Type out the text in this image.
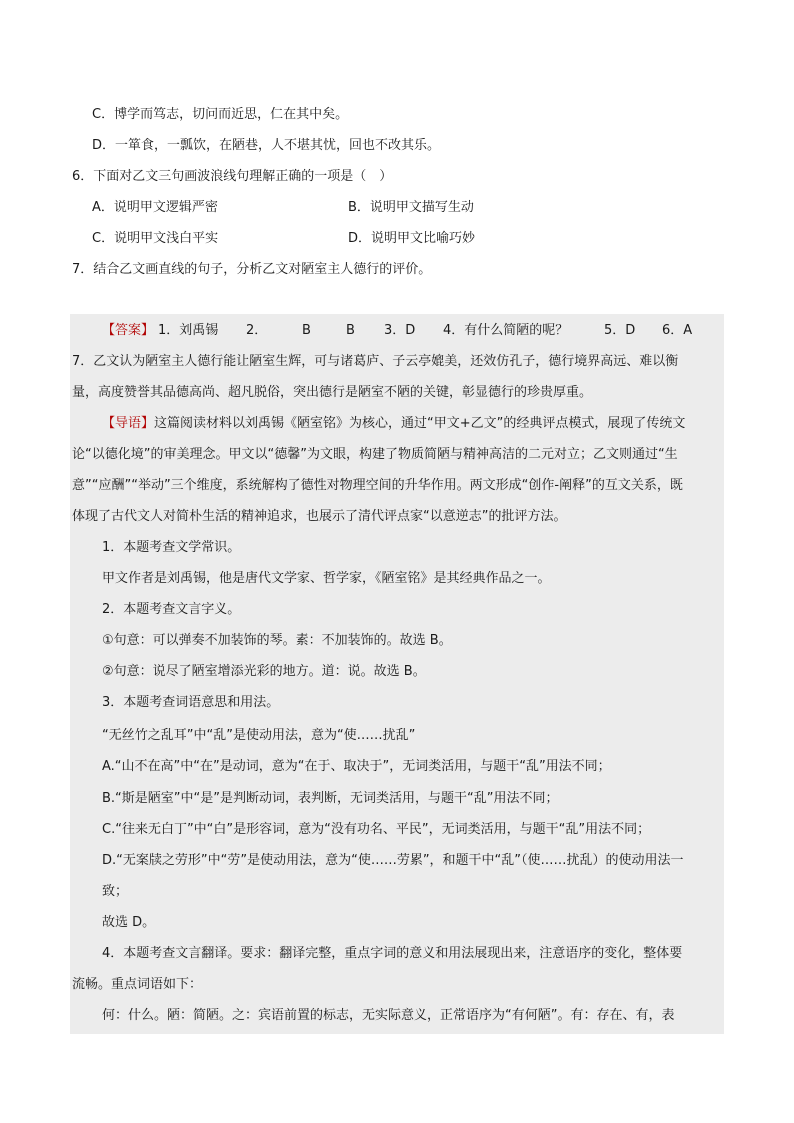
C．博学而笃志，切问而近思，仁在其中矣。
D．一箪食，一瓢饮，在陋巷，人不堪其忧，回也不改其乐。
6．下面对乙文三句画波浪线句理解正确的一项是（　）
A．说明甲文逻辑严密	B．说明甲文描写生动
C．说明甲文浅白平实	D．说明甲文比喻巧妙
7．结合乙文画直线的句子，分析乙文对陋室主人德行的评价。
【答案】 1．刘禹锡 2．	B	B 3．D 4．有什么简陋的呢？	5．D 6．A
7．乙文认为陋室主人德行能让陋室生辉，可与诸葛庐、子云亭媲美，还效仿孔子，德行境界高远、难以衡
量，高度赞誉其品德高尚、超凡脱俗，突出德行是陋室不陋的关键，彰显德行的珍贵厚重。
【导语】这篇阅读材料以刘禹锡《陋室铭》为核心，通过“甲文+乙文”的经典评点模式，展现了传统文
论“以德化境”的审美理念。甲文以“德馨”为文眼，构建了物质简陋与精神高洁的二元对立；乙文则通过“生
意”“应酬”“举动”三个维度，系统解构了德性对物理空间的升华作用。两文形成“创作-阐释”的互文关系，既
体现了古代文人对简朴生活的精神追求，也展示了清代评点家“以意逆志”的批评方法。
1．本题考查文学常识。
甲文作者是刘禹锡，他是唐代文学家、哲学家，《陋室铭》是其经典作品之一。
2．本题考查文言字义。
①句意：可以弹奏不加装饰的琴。素：不加装饰的。故选 B。
②句意：说尽了陋室增添光彩的地方。道：说。故选 B。
3．本题考查词语意思和用法。
“无丝竹之乱耳”中“乱”是使动用法，意为“使……扰乱”
A.“山不在高”中“在”是动词，意为“在于、取决于”，无词类活用，与题干“乱”用法不同；
B.“斯是陋室”中“是”是判断动词，表判断，无词类活用，与题干“乱”用法不同；
C.“往来无白丁”中“白”是形容词，意为“没有功名、平民”，无词类活用，与题干“乱”用法不同；
D.“无案牍之劳形”中“劳”是使动用法，意为“使……劳累”，和题干中“乱”（使……扰乱）的使动用法一
致；
故选 D。
4．本题考查文言翻译。要求：翻译完整，重点字词的意义和用法展现出来，注意语序的变化，整体要
流畅。重点词语如下：
何：什么。陋：简陋。之：宾语前置的标志，无实际意义，正常语序为“有何陋”。有：存在、有，表
